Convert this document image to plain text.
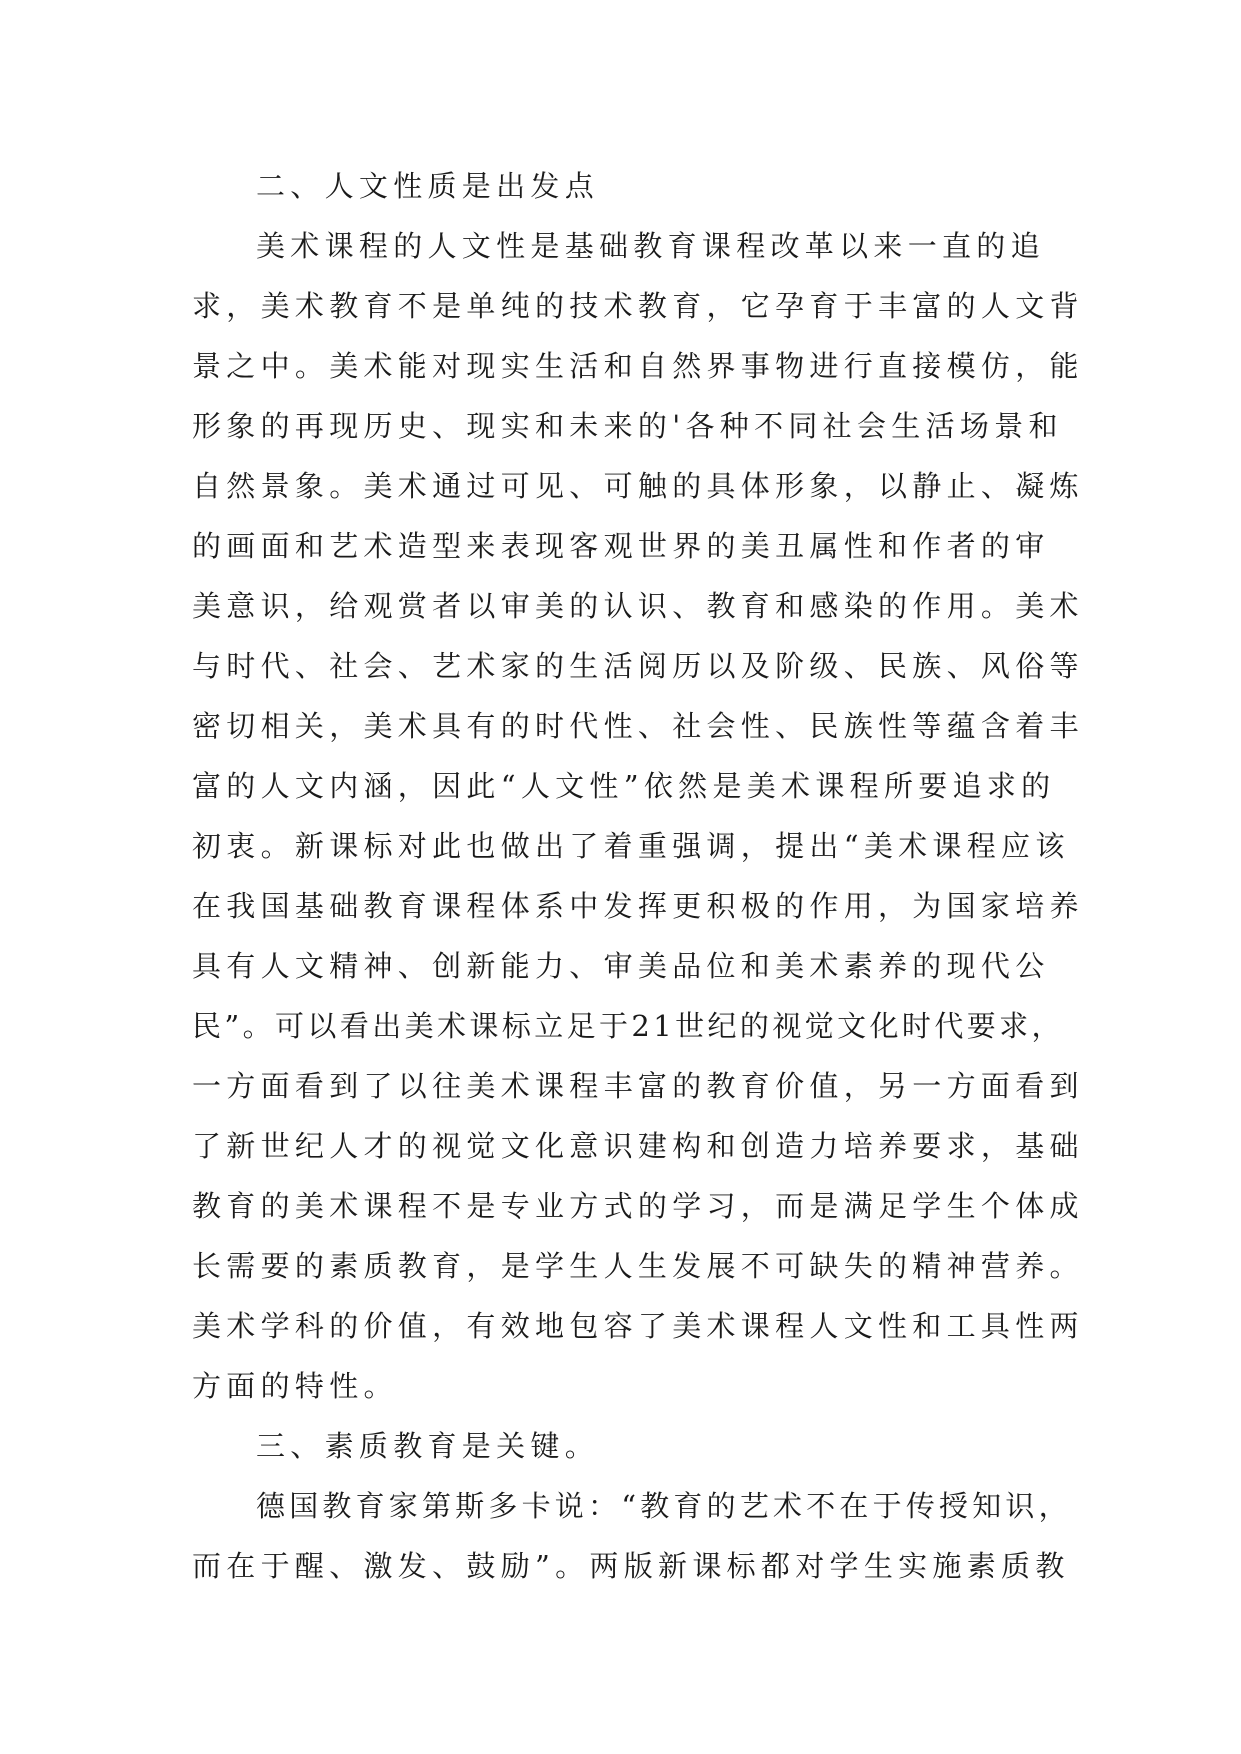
二、人文性质是出发点

美术课程的人文性是基础教育课程改革以来一直的追

求，美术教育不是单纯的技术教育，它孕育于丰富的人文背

景之中。美术能对现实生活和自然界事物进行直接模仿，能

形象的再现历史、现实和未来的'各种不同社会生活场景和

自然景象。美术通过可见、可触的具体形象，以静止、凝炼

的画面和艺术造型来表现客观世界的美丑属性和作者的审

美意识，给观赏者以审美的认识、教育和感染的作用。美术

与时代、社会、艺术家的生活阅历以及阶级、民族、风俗等

密切相关，美术具有的时代性、社会性、民族性等蕴含着丰

富的人文内涵，因此“人文性”依然是美术课程所要追求的

初衷。新课标对此也做出了着重强调，提出“美术课程应该

在我国基础教育课程体系中发挥更积极的作用，为国家培养

具有人文精神、创新能力、审美品位和美术素养的现代公

民”。可以看出美术课标立足于21世纪的视觉文化时代要求，

一方面看到了以往美术课程丰富的教育价值，另一方面看到

了新世纪人才的视觉文化意识建构和创造力培养要求，基础

教育的美术课程不是专业方式的学习，而是满足学生个体成

长需要的素质教育，是学生人生发展不可缺失的精神营养。

美术学科的价值，有效地包容了美术课程人文性和工具性两

方面的特性。

三、素质教育是关键。

德国教育家第斯多卡说：“教育的艺术不在于传授知识，

而在于醒、激发、鼓励”。两版新课标都对学生实施素质教
